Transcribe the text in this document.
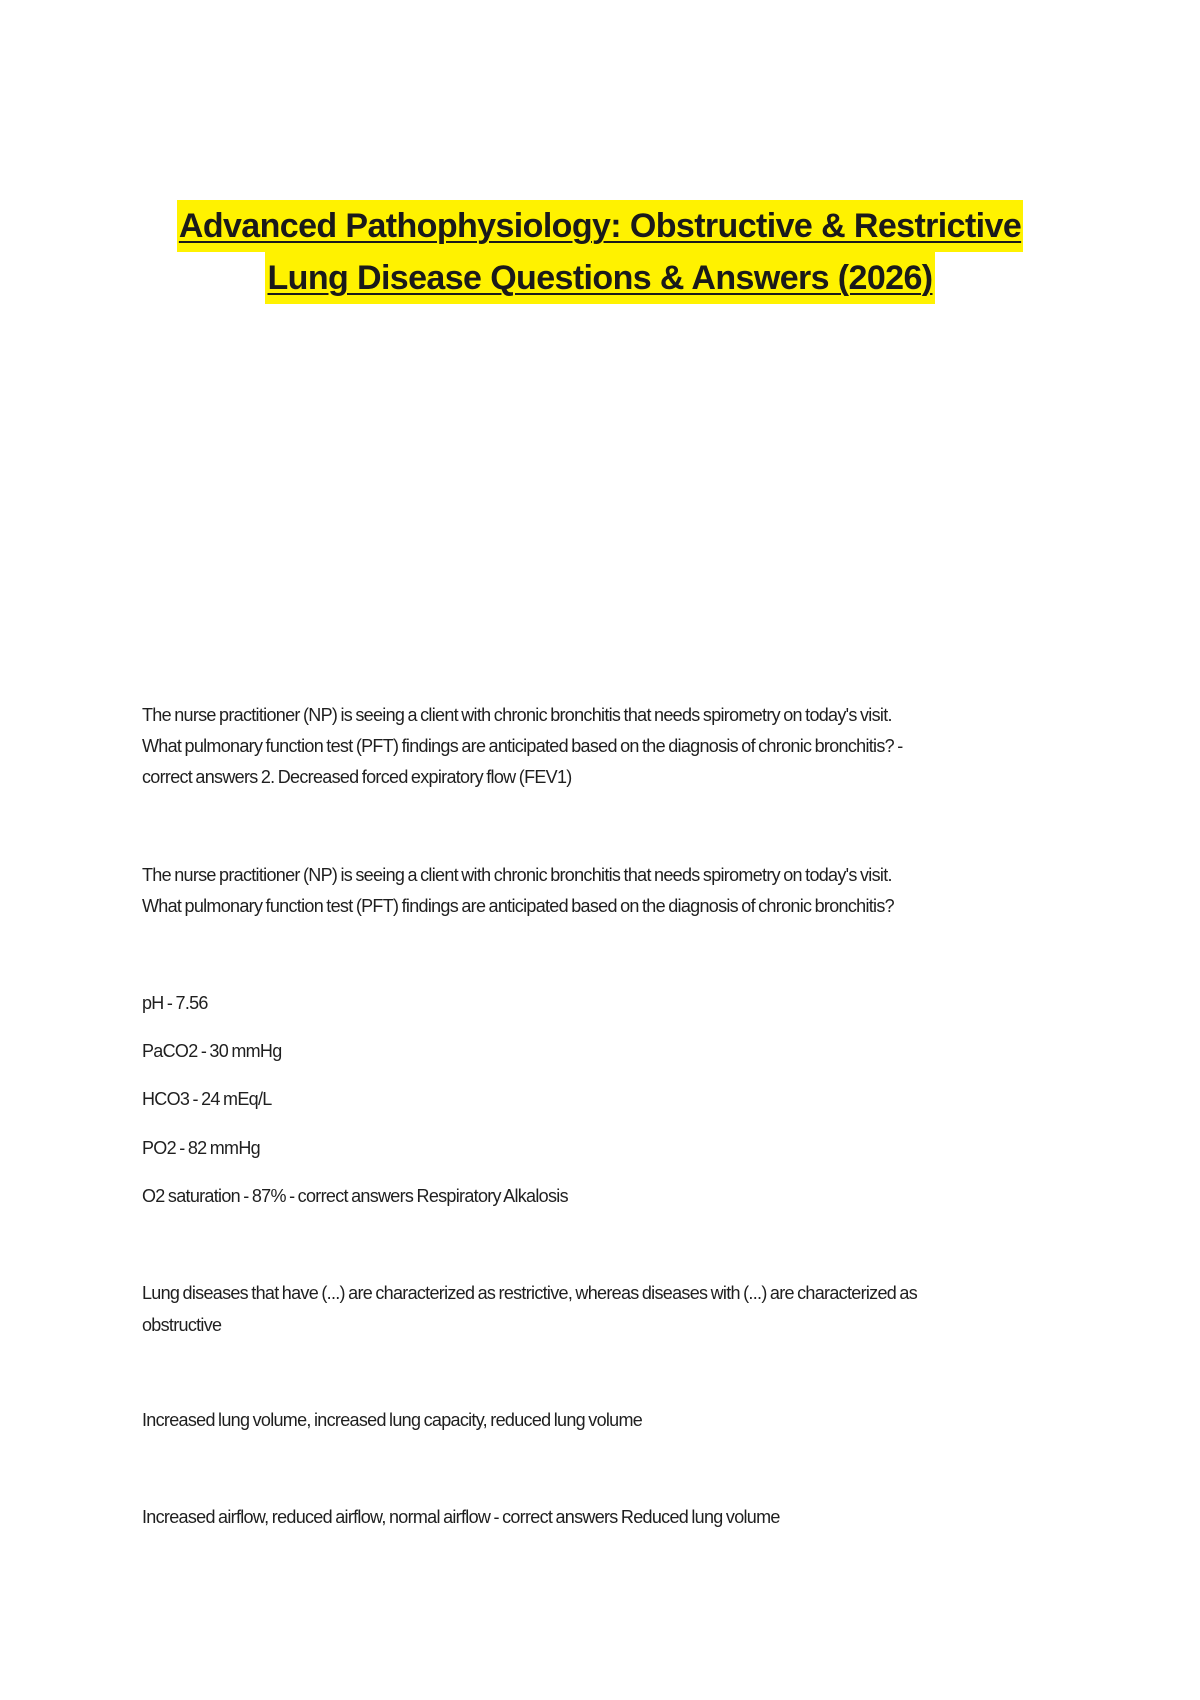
Advanced Pathophysiology: Obstructive & Restrictive
Lung Disease Questions & Answers (2026)

The nurse practitioner (NP) is seeing a client with chronic bronchitis that needs spirometry on today's visit.

What pulmonary function test (PFT) findings are anticipated based on the diagnosis of chronic bronchitis? -

correct answers 2. Decreased forced expiratory flow (FEV1)

The nurse practitioner (NP) is seeing a client with chronic bronchitis that needs spirometry on today's visit.

What pulmonary function test (PFT) findings are anticipated based on the diagnosis of chronic bronchitis?

pH - 7.56

PaCO2 - 30 mmHg

HCO3 - 24 mEq/L

PO2 - 82 mmHg

O2 saturation - 87% - correct answers Respiratory Alkalosis

Lung diseases that have (...) are characterized as restrictive, whereas diseases with (...) are characterized as

obstructive

Increased lung volume, increased lung capacity, reduced lung volume

Increased airflow, reduced airflow, normal airflow - correct answers Reduced lung volume
